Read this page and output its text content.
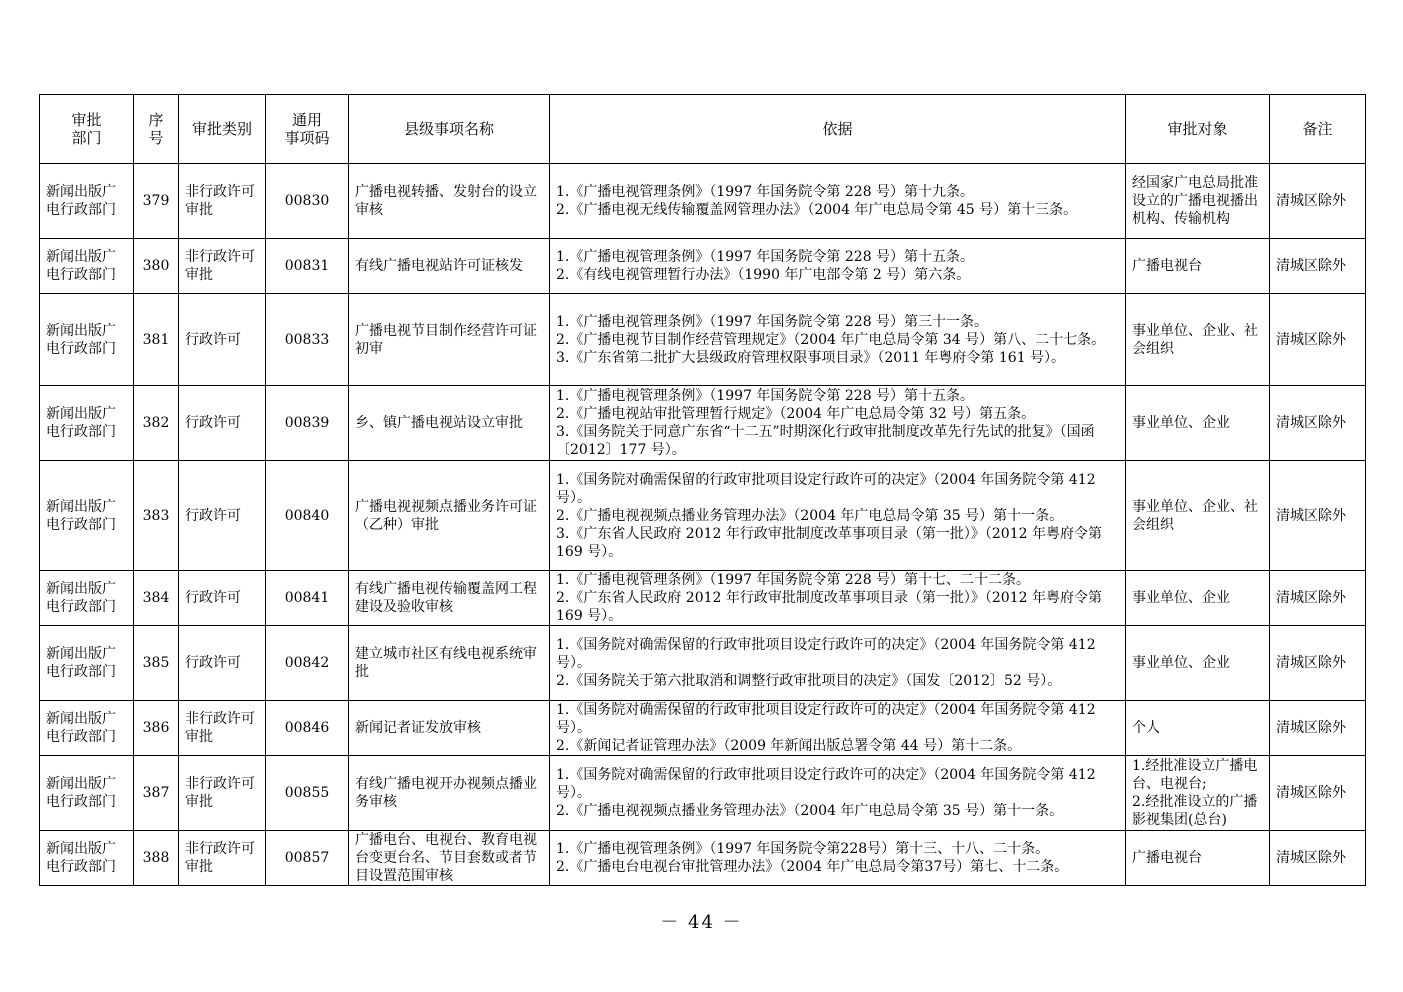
审批
部门	序
号	审批类别	通用
事项码	县级事项名称	依据	审批对象	备注
新闻出版广电行政部门	379	非行政许可审批	00830	广播电视转播、发射台的设立审核	1.《广播电视管理条例》（1997 年国务院令第 228 号）第十九条。
2.《广播电视无线传输覆盖网管理办法》（2004 年广电总局令第 45 号）第十三条。	经国家广电总局批准设立的广播电视播出机构、传输机构	清城区除外
新闻出版广电行政部门	380	非行政许可审批	00831	有线广播电视站许可证核发	1.《广播电视管理条例》（1997 年国务院令第 228 号）第十五条。
2.《有线电视管理暂行办法》（1990 年广电部令第 2 号）第六条。	广播电视台	清城区除外
新闻出版广电行政部门	381	行政许可	00833	广播电视节目制作经营许可证初审	1.《广播电视管理条例》（1997 年国务院令第 228 号）第三十一条。
2.《广播电视节目制作经营管理规定》（2004 年广电总局令第 34 号）第八、二十七条。
3.《广东省第二批扩大县级政府管理权限事项目录》（2011 年粤府令第 161 号）。	事业单位、企业、社会组织	清城区除外
新闻出版广电行政部门	382	行政许可	00839	乡、镇广播电视站设立审批	1.《广播电视管理条例》（1997 年国务院令第 228 号）第十五条。
2.《广播电视站审批管理暂行规定》（2004 年广电总局令第 32 号）第五条。
3.《国务院关于同意广东省“十二五”时期深化行政审批制度改革先行先试的批复》（国函〔2012〕177 号）。	事业单位、企业	清城区除外
新闻出版广电行政部门	383	行政许可	00840	广播电视视频点播业务许可证（乙种）审批	1.《国务院对确需保留的行政审批项目设定行政许可的决定》（2004 年国务院令第 412 号）。
2.《广播电视视频点播业务管理办法》（2004 年广电总局令第 35 号）第十一条。
3.《广东省人民政府 2012 年行政审批制度改革事项目录（第一批）》（2012 年粤府令第 169 号）。	事业单位、企业、社会组织	清城区除外
新闻出版广电行政部门	384	行政许可	00841	有线广播电视传输覆盖网工程建设及验收审核	1.《广播电视管理条例》（1997 年国务院令第 228 号）第十七、二十二条。
2.《广东省人民政府 2012 年行政审批制度改革事项目录（第一批）》（2012 年粤府令第 169 号）。	事业单位、企业	清城区除外
新闻出版广电行政部门	385	行政许可	00842	建立城市社区有线电视系统审批	1.《国务院对确需保留的行政审批项目设定行政许可的决定》（2004 年国务院令第 412 号）。
2.《国务院关于第六批取消和调整行政审批项目的决定》（国发〔2012〕52 号）。	事业单位、企业	清城区除外
新闻出版广电行政部门	386	非行政许可审批	00846	新闻记者证发放审核	1.《国务院对确需保留的行政审批项目设定行政许可的决定》（2004 年国务院令第 412 号）。
2.《新闻记者证管理办法》（2009 年新闻出版总署令第 44 号）第十二条。	个人	清城区除外
新闻出版广电行政部门	387	非行政许可审批	00855	有线广播电视开办视频点播业务审核	1.《国务院对确需保留的行政审批项目设定行政许可的决定》（2004 年国务院令第 412 号）。
2.《广播电视视频点播业务管理办法》（2004 年广电总局令第 35 号）第十一条。	1.经批准设立广播电台、电视台;
2.经批准设立的广播影视集团(总台)	清城区除外
新闻出版广电行政部门	388	非行政许可审批	00857	广播电台、电视台、教育电视台变更台名、节目套数或者节目设置范围审核	1.《广播电视管理条例》（1997 年国务院令第228号）第十三、十八、二十条。
2.《广播电台电视台审批管理办法》（2004 年广电总局令第37号）第七、十二条。	广播电视台	清城区除外
－ 44 －
